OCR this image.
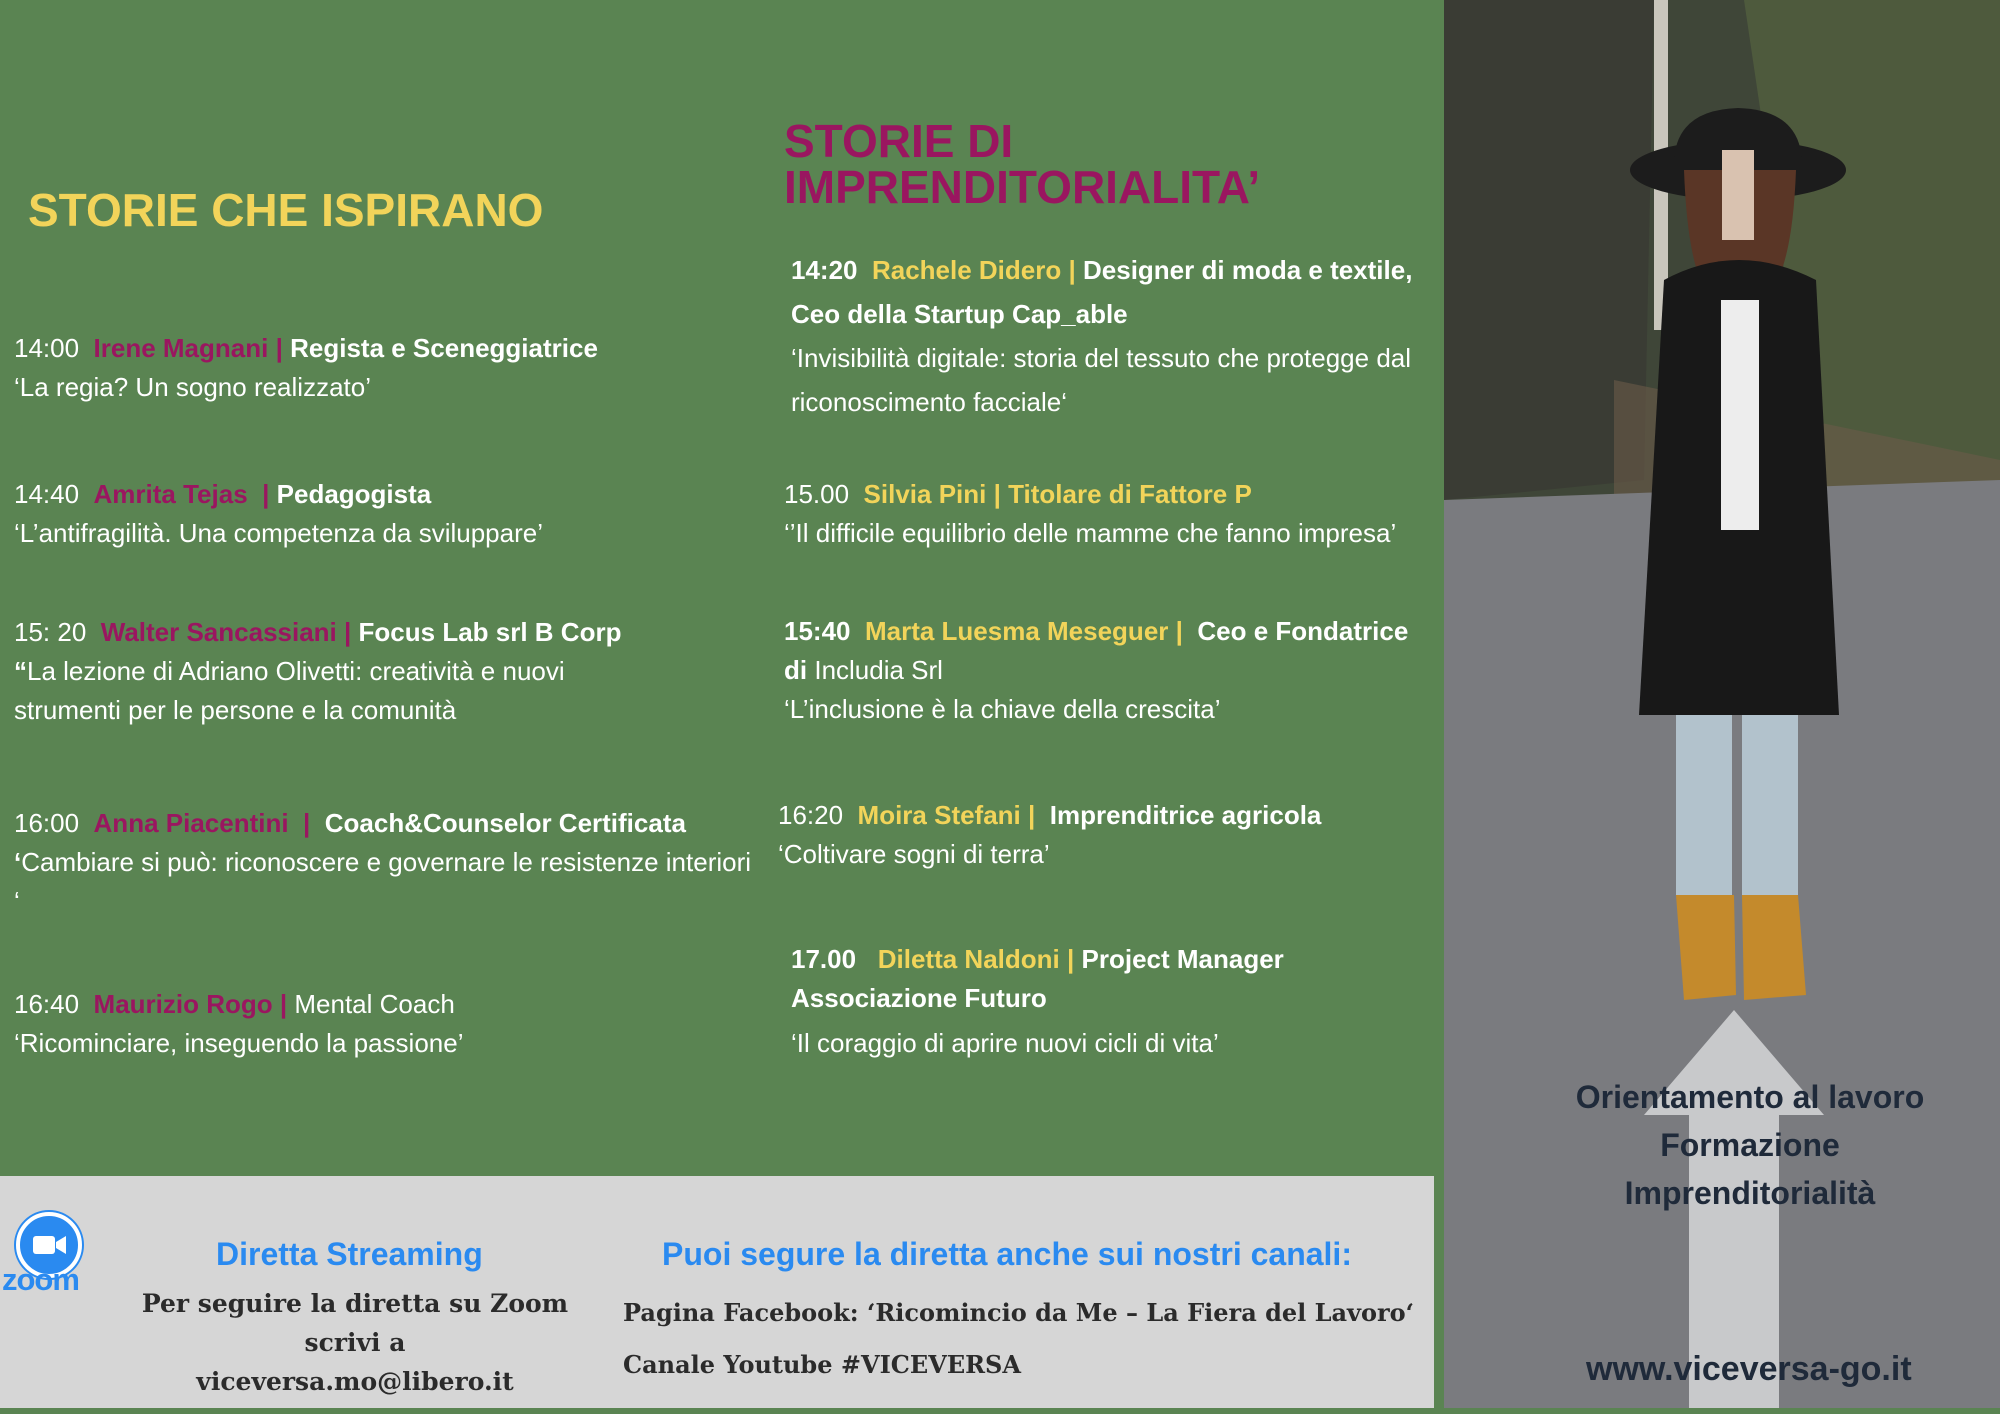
STORIE CHE ISPIRANO
14:00 Irene Magnani | Regista e Sceneggiatrice
‘La regia? Un sogno realizzato’
14:40 Amrita Tejas | Pedagogista
‘L’antifragilità. Una competenza da sviluppare’
15: 20 Walter Sancassiani | Focus Lab srl B Corp
“La lezione di Adriano Olivetti: creatività e nuovi strumenti per le persone e la comunità
16:00 Anna Piacentini | Coach&Counselor Certificata
‘Cambiare si può: riconoscere e governare le resistenze interiori ‘
16:40 Maurizio Rogo | Mental Coach
‘Ricominciare, inseguendo la passione’
STORIE DI
IMPRENDITORIALITA’
14:20 Rachele Didero | Designer di moda e textile, Ceo della Startup Cap_able
‘Invisibilità digitale: storia del tessuto che protegge dal riconoscimento facciale‘
15.00 Silvia Pini | Titolare di Fattore P
‘’Il difficile equilibrio delle mamme che fanno impresa’
15:40 Marta Luesma Meseguer | Ceo e Fondatrice di Includia Srl
‘L’inclusione è la chiave della crescita’
16:20 Moira Stefani | Imprenditrice agricola
‘Coltivare sogni di terra’
17.00 Diletta Naldoni | Project Manager Associazione Futuro
‘Il coraggio di aprire nuovi cicli di vita’
zoom
Diretta Streaming
Per seguire la diretta su Zoom
scrivi a
viceversa.mo@libero.it
Puoi segure la diretta anche sui nostri canali:
Pagina Facebook: ‘Ricomincio da Me – La Fiera del Lavoro‘
Canale Youtube #VICEVERSA
Orientamento al lavoro
Formazione
Imprenditorialità
www.viceversa-go.it
